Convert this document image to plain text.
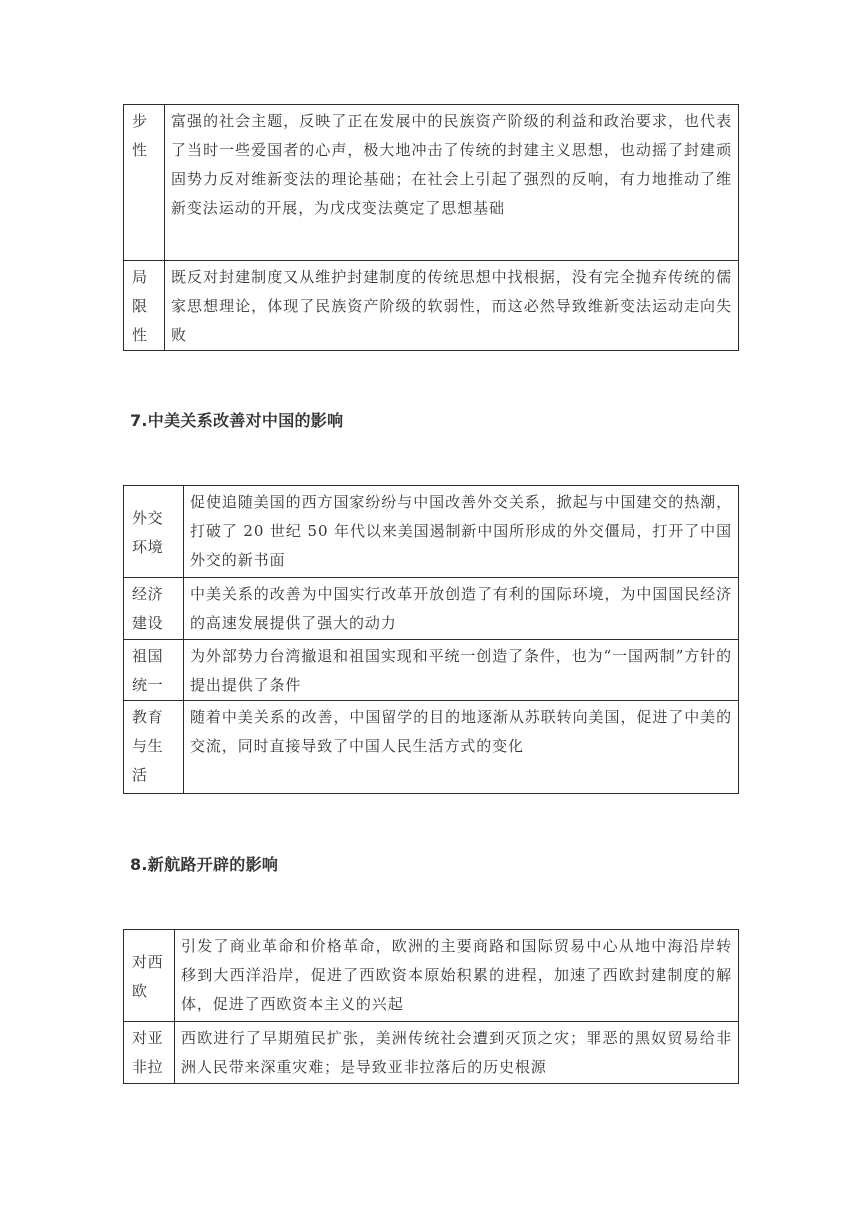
步
性	富强的社会主题，反映了正在发展中的民族资产阶级的利益和政治要求，也代表了当时一些爱国者的心声，极大地冲击了传统的封建主义思想，也动摇了封建顽固势力反对维新变法的理论基础；在社会上引起了强烈的反响，有力地推动了维新变法运动的开展，为戊戌变法奠定了思想基础
局
限
性	既反对封建制度又从维护封建制度的传统思想中找根据，没有完全抛弃传统的儒家思想理论，体现了民族资产阶级的软弱性，而这必然导致维新变法运动走向失败
7.中美关系改善对中国的影响
外交
环境	促使追随美国的西方国家纷纷与中国改善外交关系，掀起与中国建交的热潮，打破了 20 世纪 50 年代以来美国遏制新中国所形成的外交僵局，打开了中国外交的新书面
经济
建设	中美关系的改善为中国实行改革开放创造了有利的国际环境，为中国国民经济的高速发展提供了强大的动力
祖国
统一	为外部势力台湾撤退和祖国实现和平统一创造了条件，也为“一国两制”方针的提出提供了条件
教育
与生
活	随着中美关系的改善，中国留学的目的地逐渐从苏联转向美国，促进了中美的交流，同时直接导致了中国人民生活方式的变化
8.新航路开辟的影响
对西
欧	引发了商业革命和价格革命，欧洲的主要商路和国际贸易中心从地中海沿岸转移到大西洋沿岸，促进了西欧资本原始积累的进程，加速了西欧封建制度的解体，促进了西欧资本主义的兴起
对亚
非拉	西欧进行了早期殖民扩张，美洲传统社会遭到灭顶之灾；罪恶的黑奴贸易给非洲人民带来深重灾难；是导致亚非拉落后的历史根源
